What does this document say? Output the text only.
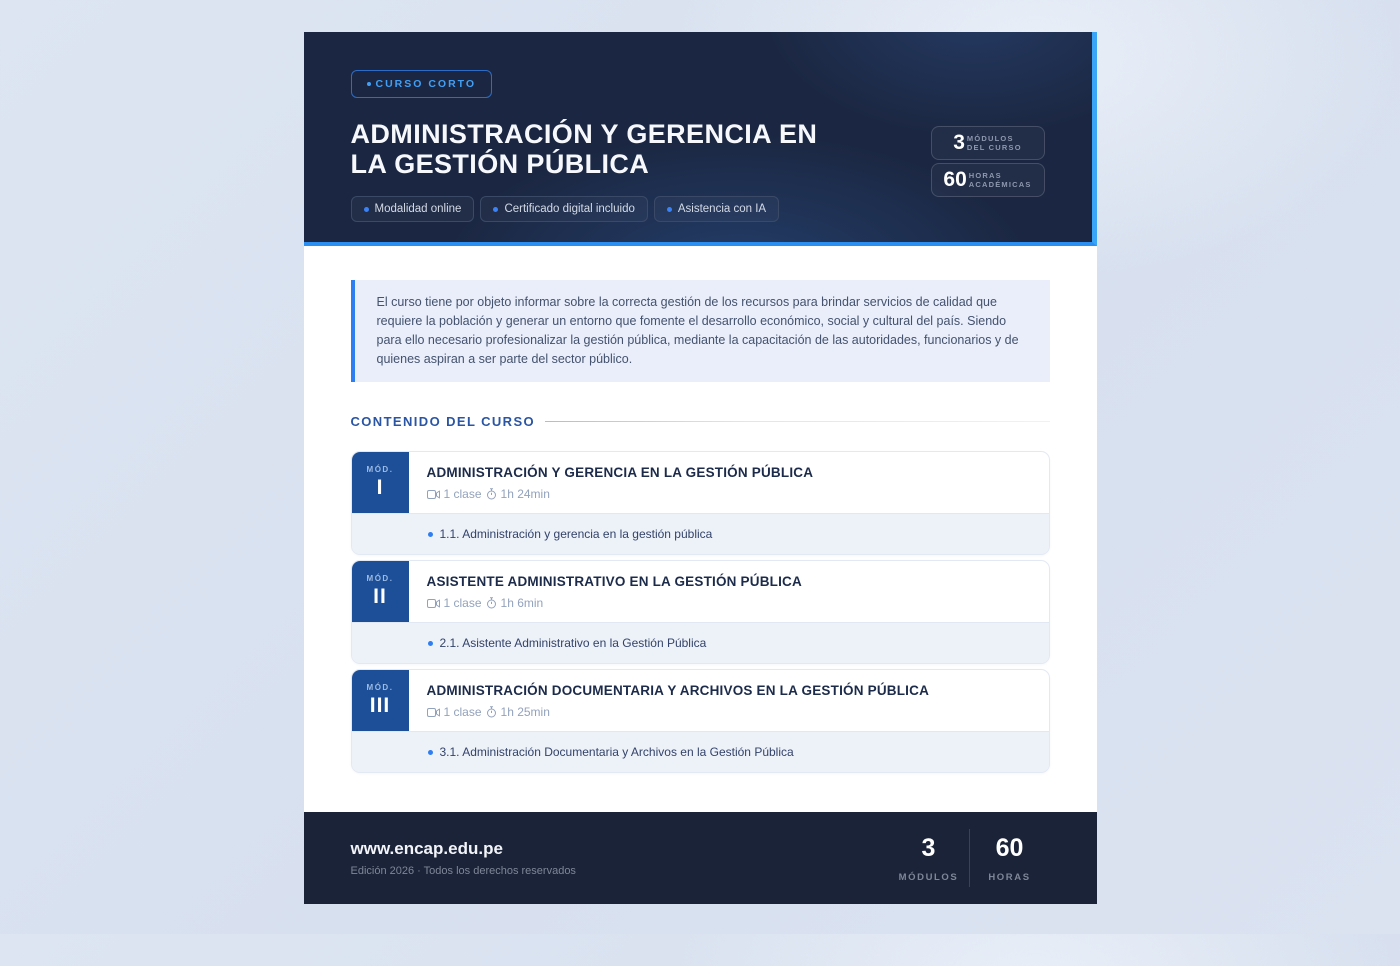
CURSO CORTO
ADMINISTRACIÓN Y GERENCIA EN
LA GESTIÓN PÚBLICA
Modalidad online	Certificado digital incluido	Asistencia con IA
3 MÓDULOS
DEL CURSO
60 HORAS
ACADÉMICAS
El curso tiene por objeto informar sobre la correcta gestión de los recursos para brindar servicios de calidad que requiere la población y generar un entorno que fomente el desarrollo económico, social y cultural del país. Siendo para ello necesario profesionalizar la gestión pública, mediante la capacitación de las autoridades, funcionarios y de quienes aspiran a ser parte del sector público.
CONTENIDO DEL CURSO
MÓD.
I
ADMINISTRACIÓN Y GERENCIA EN LA GESTIÓN PÚBLICA
1 clase 1h 24min
1.1. Administración y gerencia en la gestión pública
MÓD.
II
ASISTENTE ADMINISTRATIVO EN LA GESTIÓN PÚBLICA
1 clase 1h 6min
2.1. Asistente Administrativo en la Gestión Pública
MÓD.
III
ADMINISTRACIÓN DOCUMENTARIA Y ARCHIVOS EN LA GESTIÓN PÚBLICA
1 clase 1h 25min
3.1. Administración Documentaria y Archivos en la Gestión Pública
www.encap.edu.pe
Edición 2026 · Todos los derechos reservados
3
MÓDULOS
60
HORAS
